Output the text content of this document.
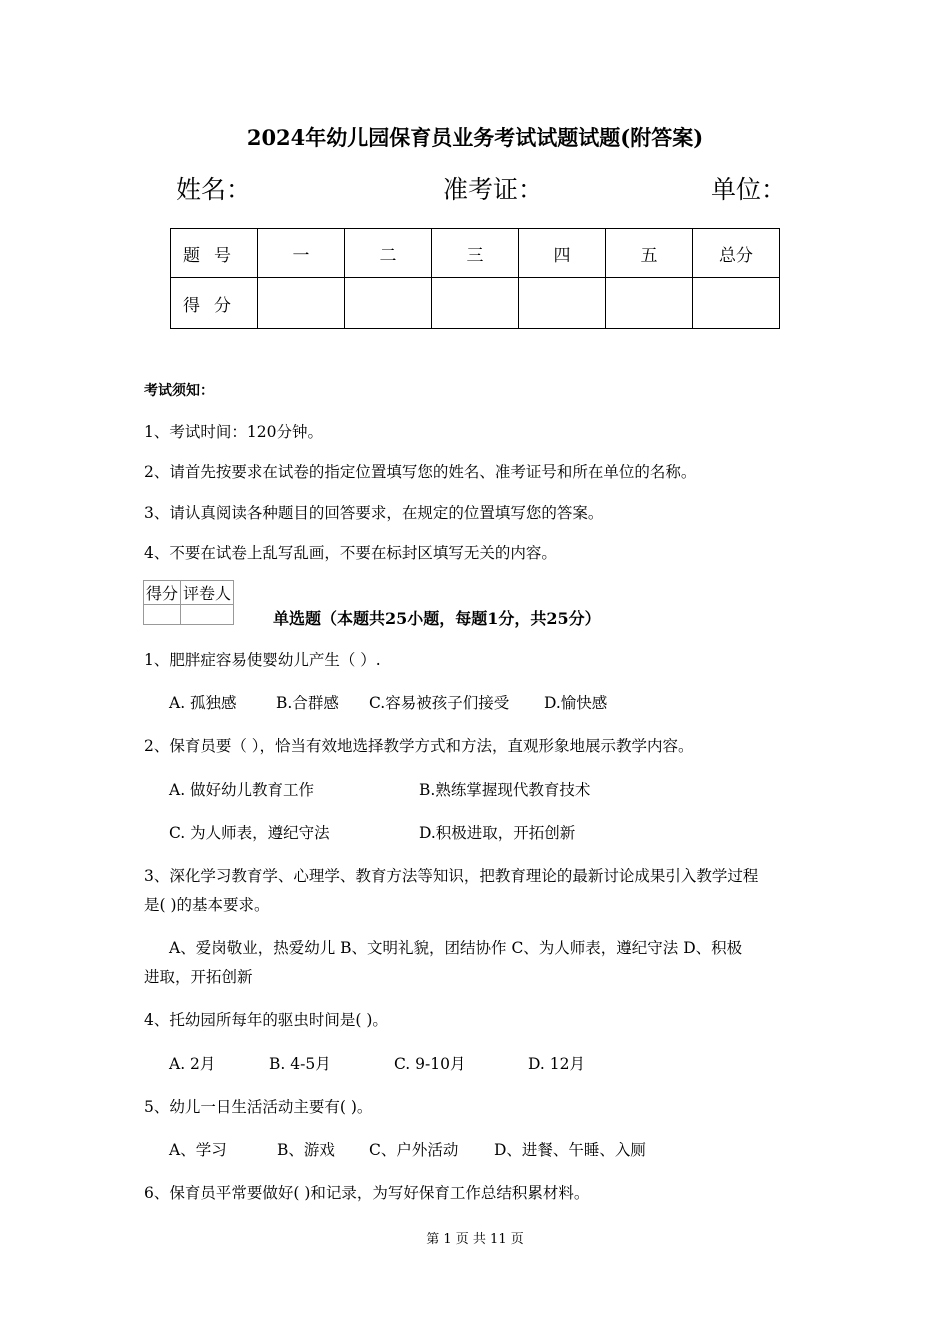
2024年幼儿园保育员业务考试试题试题(附答案)
姓名：	准考证：	单位：
题号	一	二	三	四	五	总分
得分						
考试须知：
1、考试时间：120分钟。
2、请首先按要求在试卷的指定位置填写您的姓名、准考证号和所在单位的名称。
3、请认真阅读各种题目的回答要求，在规定的位置填写您的答案。
4、不要在试卷上乱写乱画，不要在标封区填写无关的内容。
得分	评卷人

单选题（本题共25小题，每题1分，共25分）
1、肥胖症容易使婴幼儿产生（ ）.
A. 孤独感	B.合群感 C.容易被孩子们接受 D.愉快感
2、保育员要（ ），恰当有效地选择教学方式和方法，直观形象地展示教学内容。
A. 做好幼儿教育工作	B.熟练掌握现代教育技术
C. 为人师表，遵纪守法	D.积极进取，开拓创新
3、深化学习教育学、心理学、教育方法等知识，把教育理论的最新讨论成果引入教学过程
是( )的基本要求。
A、爱岗敬业，热爱幼儿 B、文明礼貌，团结协作 C、为人师表，遵纪守法 D、积极
进取，开拓创新
4、托幼园所每年的驱虫时间是( )。
A. 2月	B. 4-5月	C. 9-10月	D. 12月
5、幼儿一日生活活动主要有( )。
A、学习	B、游戏 C、户外活动 D、进餐、午睡、入厕
6、保育员平常要做好( )和记录，为写好保育工作总结积累材料。
第 1 页 共 11 页
